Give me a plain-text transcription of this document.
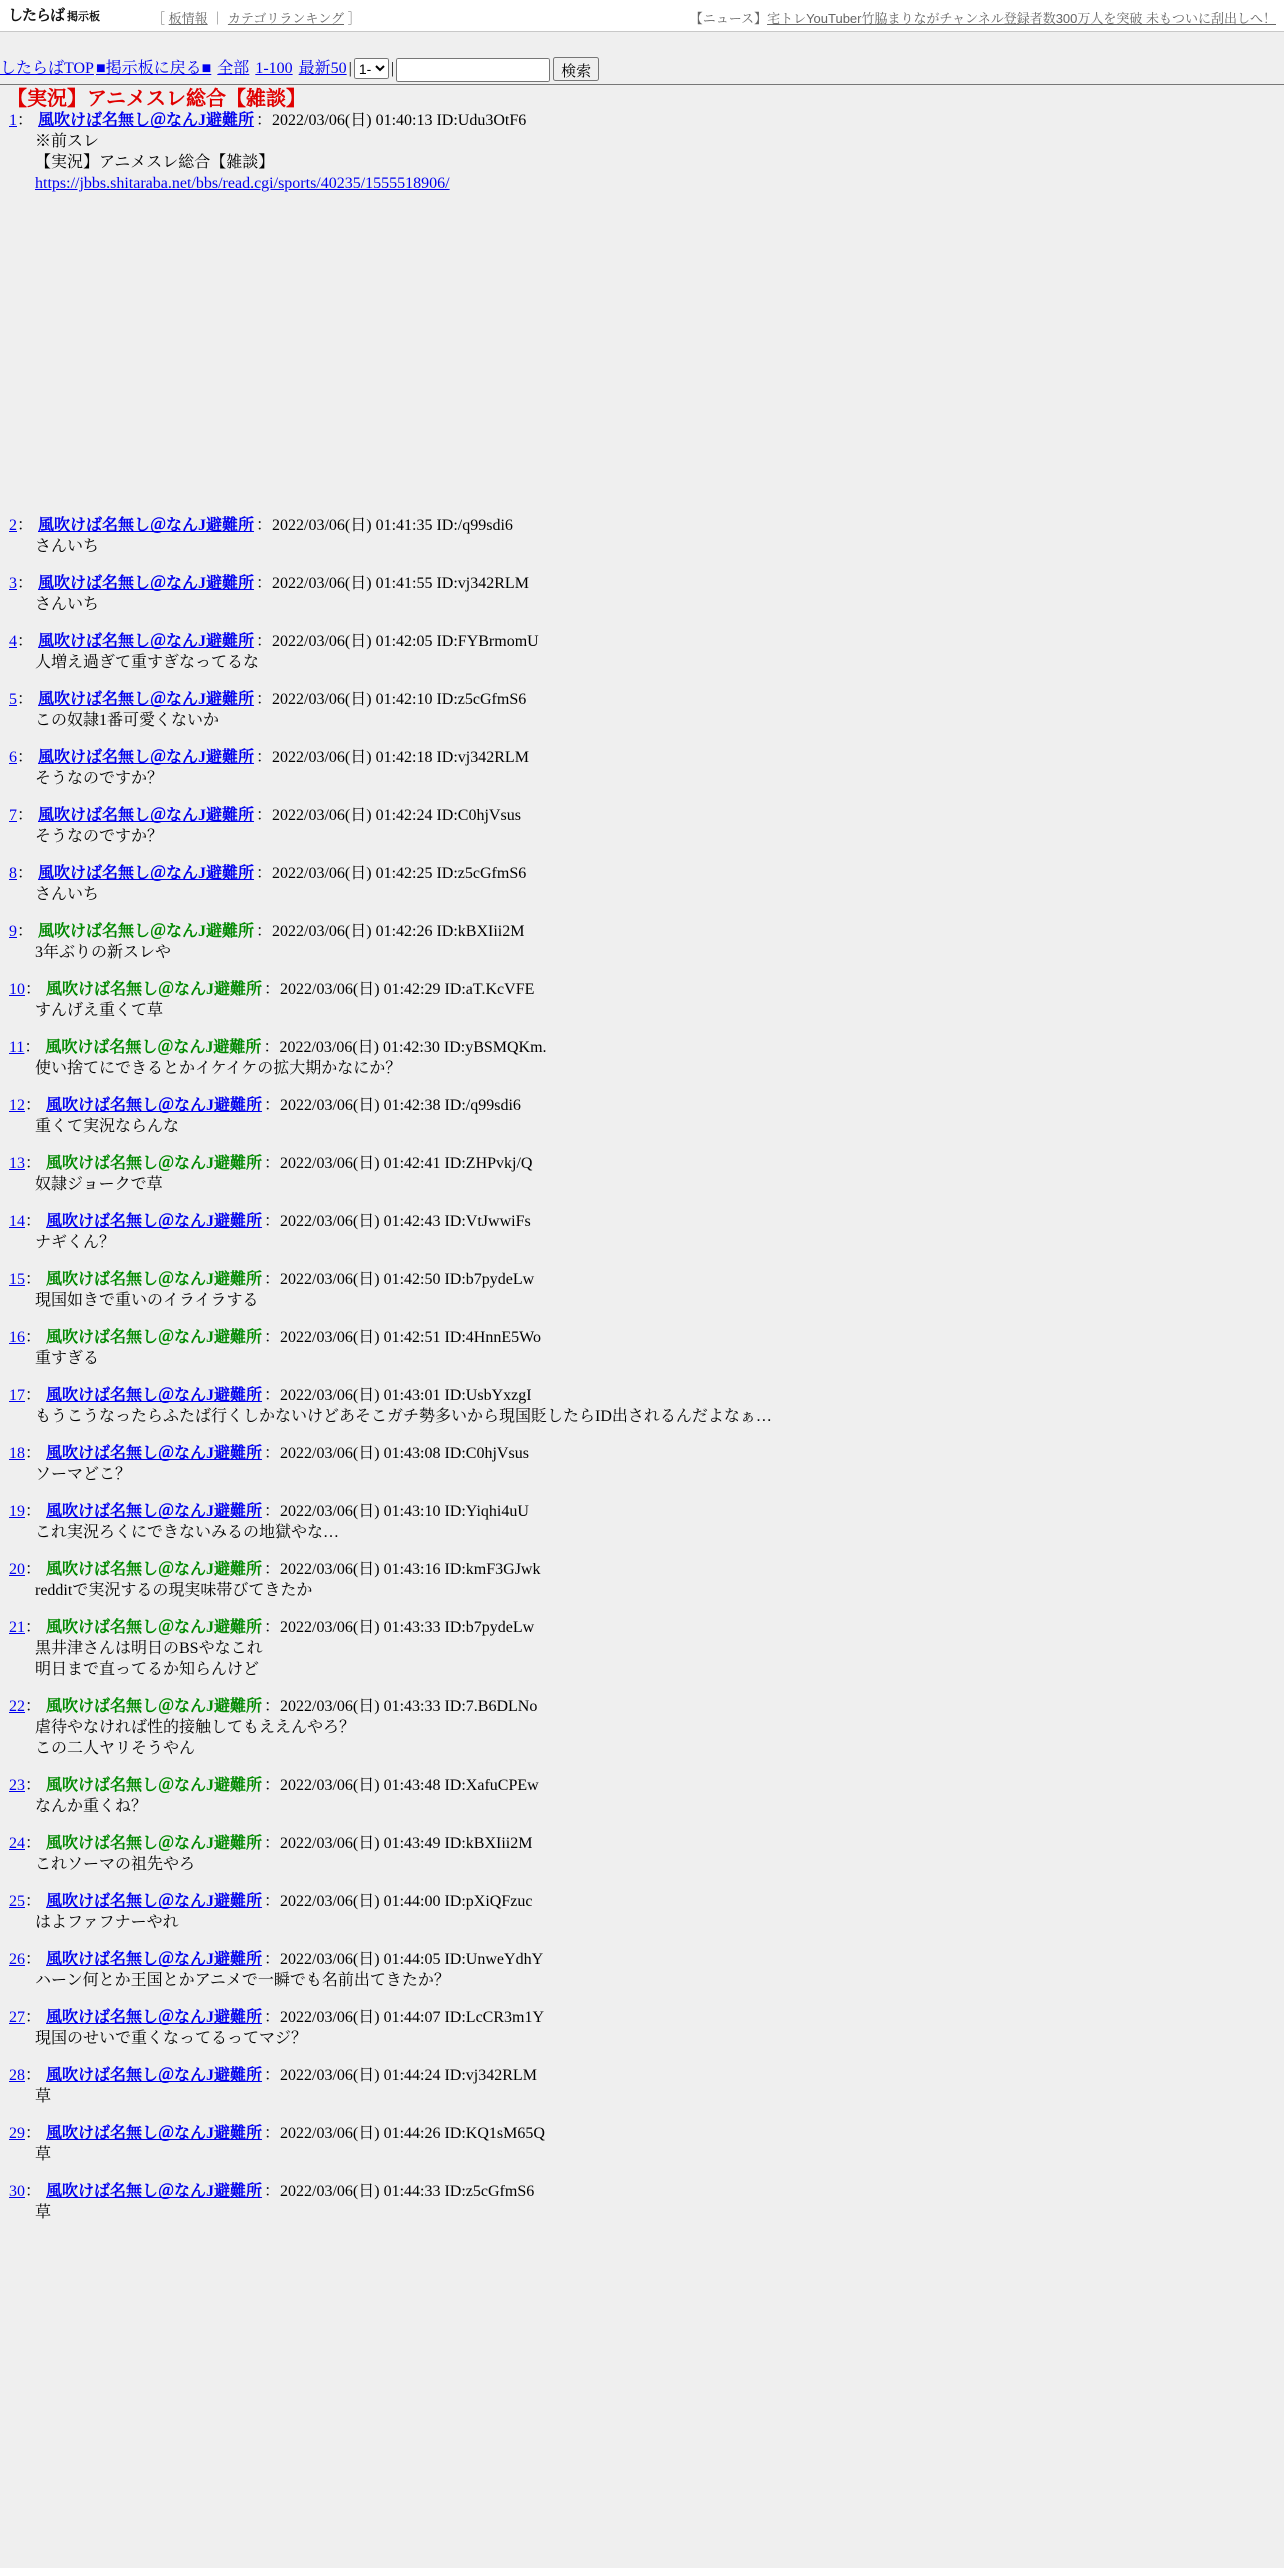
したらば 掲示板	［ 板情報 ｜ カテゴリランキング ］	【ニュース】宅トレYouTuber竹脇まりながチャンネル登録者数300万人を突破 未もついに刮出しへ！
したらばTOP ■掲示板に戻る■ 全部 1-100 最新50 |
1- |	検索
【実況】アニメスレ総合【雑談】
1： 風吹けば名無し＠なんJ避難所 ：2022/03/06(日) 01:40:13 ID:Udu3OtF6
※前スレ
【実況】アニメスレ総合【雑談】
https://jbbs.shitaraba.net/bbs/read.cgi/sports/40235/1555518906/
2： 風吹けば名無し＠なんJ避難所 ：2022/03/06(日) 01:41:35 ID:/q99sdi6
さんいち
3： 風吹けば名無し＠なんJ避難所 ：2022/03/06(日) 01:41:55 ID:vj342RLM
さんいち
4： 風吹けば名無し＠なんJ避難所 ：2022/03/06(日) 01:42:05 ID:FYBrmomU
人増え過ぎて重すぎなってるな
5： 風吹けば名無し＠なんJ避難所 ：2022/03/06(日) 01:42:10 ID:z5cGfmS6
この奴隷1番可愛くないか
6： 風吹けば名無し＠なんJ避難所 ：2022/03/06(日) 01:42:18 ID:vj342RLM
そうなのですか？
7： 風吹けば名無し＠なんJ避難所 ：2022/03/06(日) 01:42:24 ID:C0hjVsus
そうなのですか？
8： 風吹けば名無し＠なんJ避難所 ：2022/03/06(日) 01:42:25 ID:z5cGfmS6
さんいち
9： 風吹けば名無し＠なんJ避難所 ：2022/03/06(日) 01:42:26 ID:kBXIii2M
3年ぶりの新スレや
10： 風吹けば名無し＠なんJ避難所 ：2022/03/06(日) 01:42:29 ID:aT.KcVFE
すんげえ重くて草
11： 風吹けば名無し＠なんJ避難所 ：2022/03/06(日) 01:42:30 ID:yBSMQKm.
使い捨てにできるとかイケイケの拡大期かなにか？
12： 風吹けば名無し＠なんJ避難所 ：2022/03/06(日) 01:42:38 ID:/q99sdi6
重くて実況ならんな
13： 風吹けば名無し＠なんJ避難所 ：2022/03/06(日) 01:42:41 ID:ZHPvkj/Q
奴隷ジョークで草
14： 風吹けば名無し＠なんJ避難所 ：2022/03/06(日) 01:42:43 ID:VtJwwiFs
ナギくん？
15： 風吹けば名無し＠なんJ避難所 ：2022/03/06(日) 01:42:50 ID:b7pydeLw
現国如きで重いのイライラする
16： 風吹けば名無し＠なんJ避難所 ：2022/03/06(日) 01:42:51 ID:4HnnE5Wo
重すぎる
17： 風吹けば名無し＠なんJ避難所 ：2022/03/06(日) 01:43:01 ID:UsbYxzgI
もうこうなったらふたば行くしかないけどあそこガチ勢多いから現国貶したらID出されるんだよなぁ…
18： 風吹けば名無し＠なんJ避難所 ：2022/03/06(日) 01:43:08 ID:C0hjVsus
ソーマどこ？
19： 風吹けば名無し＠なんJ避難所 ：2022/03/06(日) 01:43:10 ID:Yiqhi4uU
これ実況ろくにできないみるの地獄やな…
20： 風吹けば名無し＠なんJ避難所 ：2022/03/06(日) 01:43:16 ID:kmF3GJwk
redditで実況するの現実味帯びてきたか
21： 風吹けば名無し＠なんJ避難所 ：2022/03/06(日) 01:43:33 ID:b7pydeLw
黒井津さんは明日のBSやなこれ
明日まで直ってるか知らんけど
22： 風吹けば名無し＠なんJ避難所 ：2022/03/06(日) 01:43:33 ID:7.B6DLNo
虐待やなければ性的接触してもええんやろ？
この二人ヤリそうやん
23： 風吹けば名無し＠なんJ避難所 ：2022/03/06(日) 01:43:48 ID:XafuCPEw
なんか重くね？
24： 風吹けば名無し＠なんJ避難所 ：2022/03/06(日) 01:43:49 ID:kBXIii2M
これソーマの祖先やろ
25： 風吹けば名無し＠なんJ避難所 ：2022/03/06(日) 01:44:00 ID:pXiQFzuc
はよファフナーやれ
26： 風吹けば名無し＠なんJ避難所 ：2022/03/06(日) 01:44:05 ID:UnweYdhY
ハーン何とか王国とかアニメで一瞬でも名前出てきたか？
27： 風吹けば名無し＠なんJ避難所 ：2022/03/06(日) 01:44:07 ID:LcCR3m1Y
現国のせいで重くなってるってマジ？
28： 風吹けば名無し＠なんJ避難所 ：2022/03/06(日) 01:44:24 ID:vj342RLM
草
29： 風吹けば名無し＠なんJ避難所 ：2022/03/06(日) 01:44:26 ID:KQ1sM65Q
草
30： 風吹けば名無し＠なんJ避難所 ：2022/03/06(日) 01:44:33 ID:z5cGfmS6
草
